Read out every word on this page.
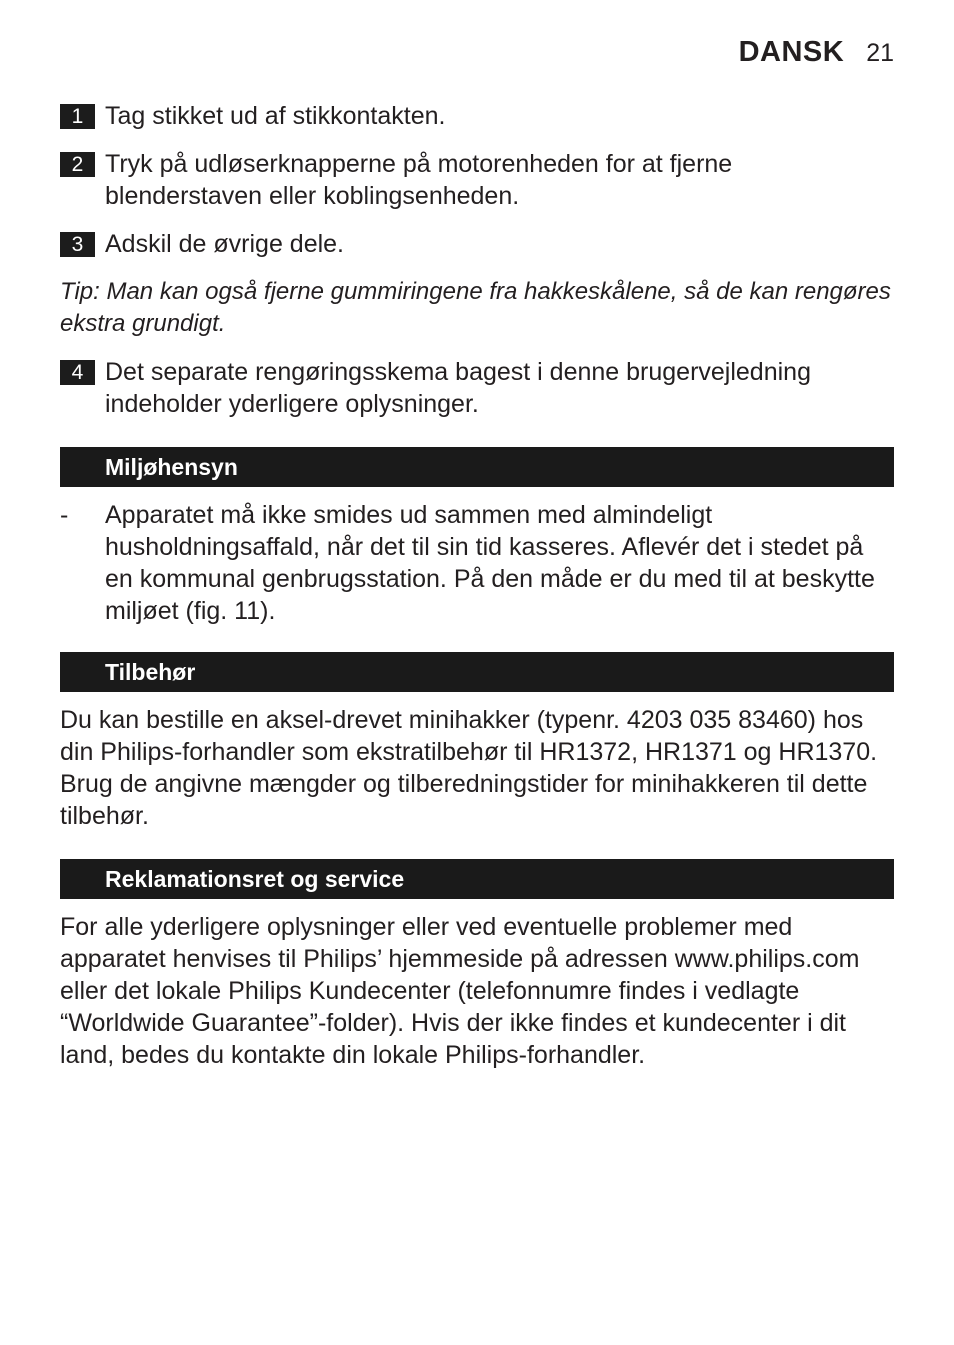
DANSK 21
1 Tag stikket ud af stikkontakten.
2 Tryk på udløserknapperne på motorenheden for at fjerne blenderstaven eller koblingsenheden.
3 Adskil de øvrige dele.
Tip: Man kan også fjerne gummiringene fra hakkeskålene, så de kan rengøres ekstra grundigt.
4 Det separate rengøringsskema bagest i denne brugervejledning indeholder yderligere oplysninger.
Miljøhensyn
- Apparatet må ikke smides ud sammen med almindeligt husholdningsaffald, når det til sin tid kasseres. Aflevér det i stedet på en kommunal genbrugsstation. På den måde er du med til at beskytte miljøet (fig. 11).
Tilbehør
Du kan bestille en aksel-drevet minihakker (typenr. 4203 035 83460) hos din Philips-forhandler som ekstratilbehør til HR1372, HR1371 og HR1370. Brug de angivne mængder og tilberedningstider for minihakkeren til dette tilbehør.
Reklamationsret og service
For alle yderligere oplysninger eller ved eventuelle problemer med apparatet henvises til Philips’ hjemmeside på adressen www.philips.com eller det lokale Philips Kundecenter (telefonnumre findes i vedlagte “Worldwide Guarantee”-folder). Hvis der ikke findes et kundecenter i dit land, bedes du kontakte din lokale Philips-forhandler.
